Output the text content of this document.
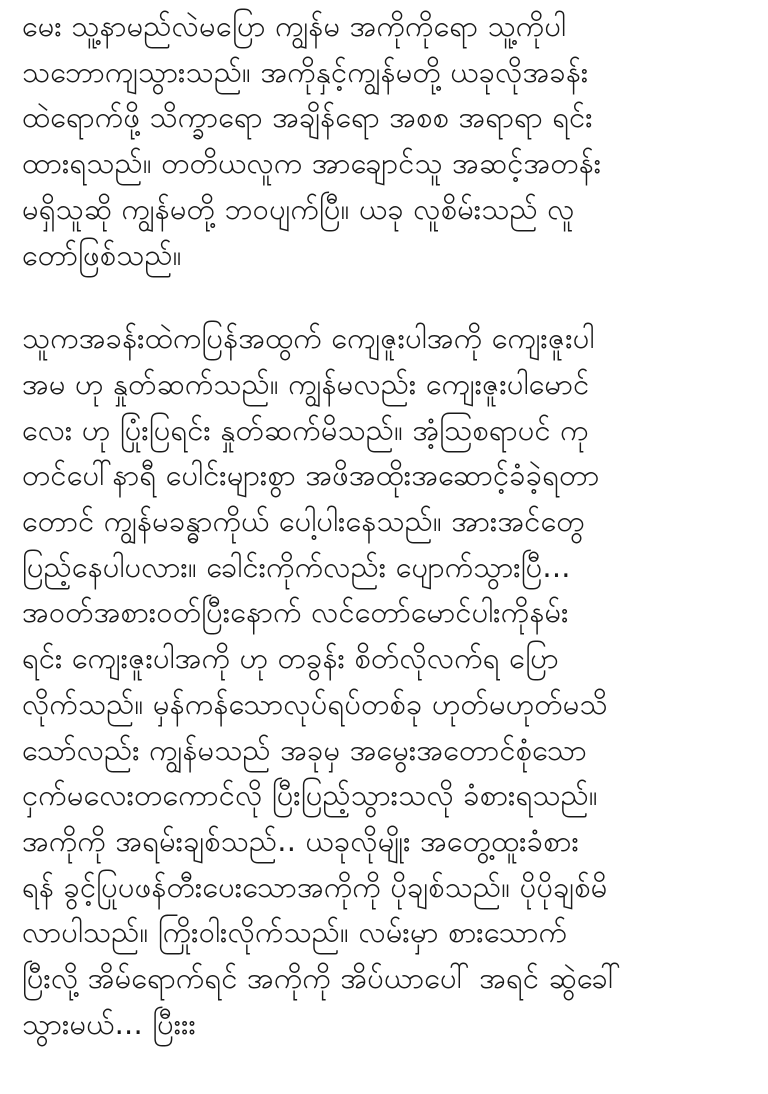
မေး သူ့နာမည်လဲမပြော ကျွန်မ အကိုကိုရော သူ့ကိုပါ
သဘောကျသွားသည်။ အကိုနှင့်ကျွန်မတို့ ယခုလိုအခန်း
ထဲရောက်ဖို့ သိက္ခာရော အချိန်ရော အစစ အရာရာ ရင်း
ထားရသည်။ တတိယလူက အာချောင်သူ အဆင့်အတန်း
မရှိသူဆို ကျွန်မတို့ ဘဝပျက်ပြီ။ ယခု လူစိမ်းသည် လူ
တော်ဖြစ်သည်။
သူကအခန်းထဲကပြန်အထွက် ကျေဇူးပါအကို ကျေးဇူးပါ
အမ ဟု နှုတ်ဆက်သည်။ ကျွန်မလည်း ကျေးဇူးပါမောင်
လေး ဟု ပြုံးပြရင်း နှုတ်ဆက်မိသည်။ အံ့သြစရာပင် ကု
တင်ပေါ်နာရီ ပေါင်းများစွာ အဖိအထိုးအဆောင့်ခံခဲ့ရတာ
တောင် ကျွန်မခန္ဓာကိုယ် ပေါ့ပါးနေသည်။ အားအင်တွေ
ပြည့်နေပါပလား။ ခေါင်းကိုက်လည်း ပျောက်သွားပြီ...
အဝတ်အစားဝတ်ပြီးနောက် လင်တော်မောင်ပါးကိုနမ်း
ရင်း ကျေးဇူးပါအကို ဟု တခွန်း စိတ်လိုလက်ရ ပြော
လိုက်သည်။ မှန်ကန်သောလုပ်ရပ်တစ်ခု ဟုတ်မဟုတ်မသိ
သော်လည်း ကျွန်မသည် အခုမှ အမွေးအတောင်စုံသော
ငှက်မလေးတကောင်လို ပြီးပြည့်သွားသလို ခံစားရသည်။
အကိုကို အရမ်းချစ်သည်.. ယခုလိုမျိုး အတွေ့ထူးခံစား
ရန် ခွင့်ပြုပဖန်တီးပေးသောအကိုကို ပိုချစ်သည်။ ပိုပိုချစ်မိ
လာပါသည်။ ကြိုးဝါးလိုက်သည်။ လမ်းမှာ စားသောက်
ပြီးလို့ အိမ်ရောက်ရင် အကိုကို အိပ်ယာပေါ် အရင် ဆွဲခေါ်
သွားမယ်... ပြီးးး
